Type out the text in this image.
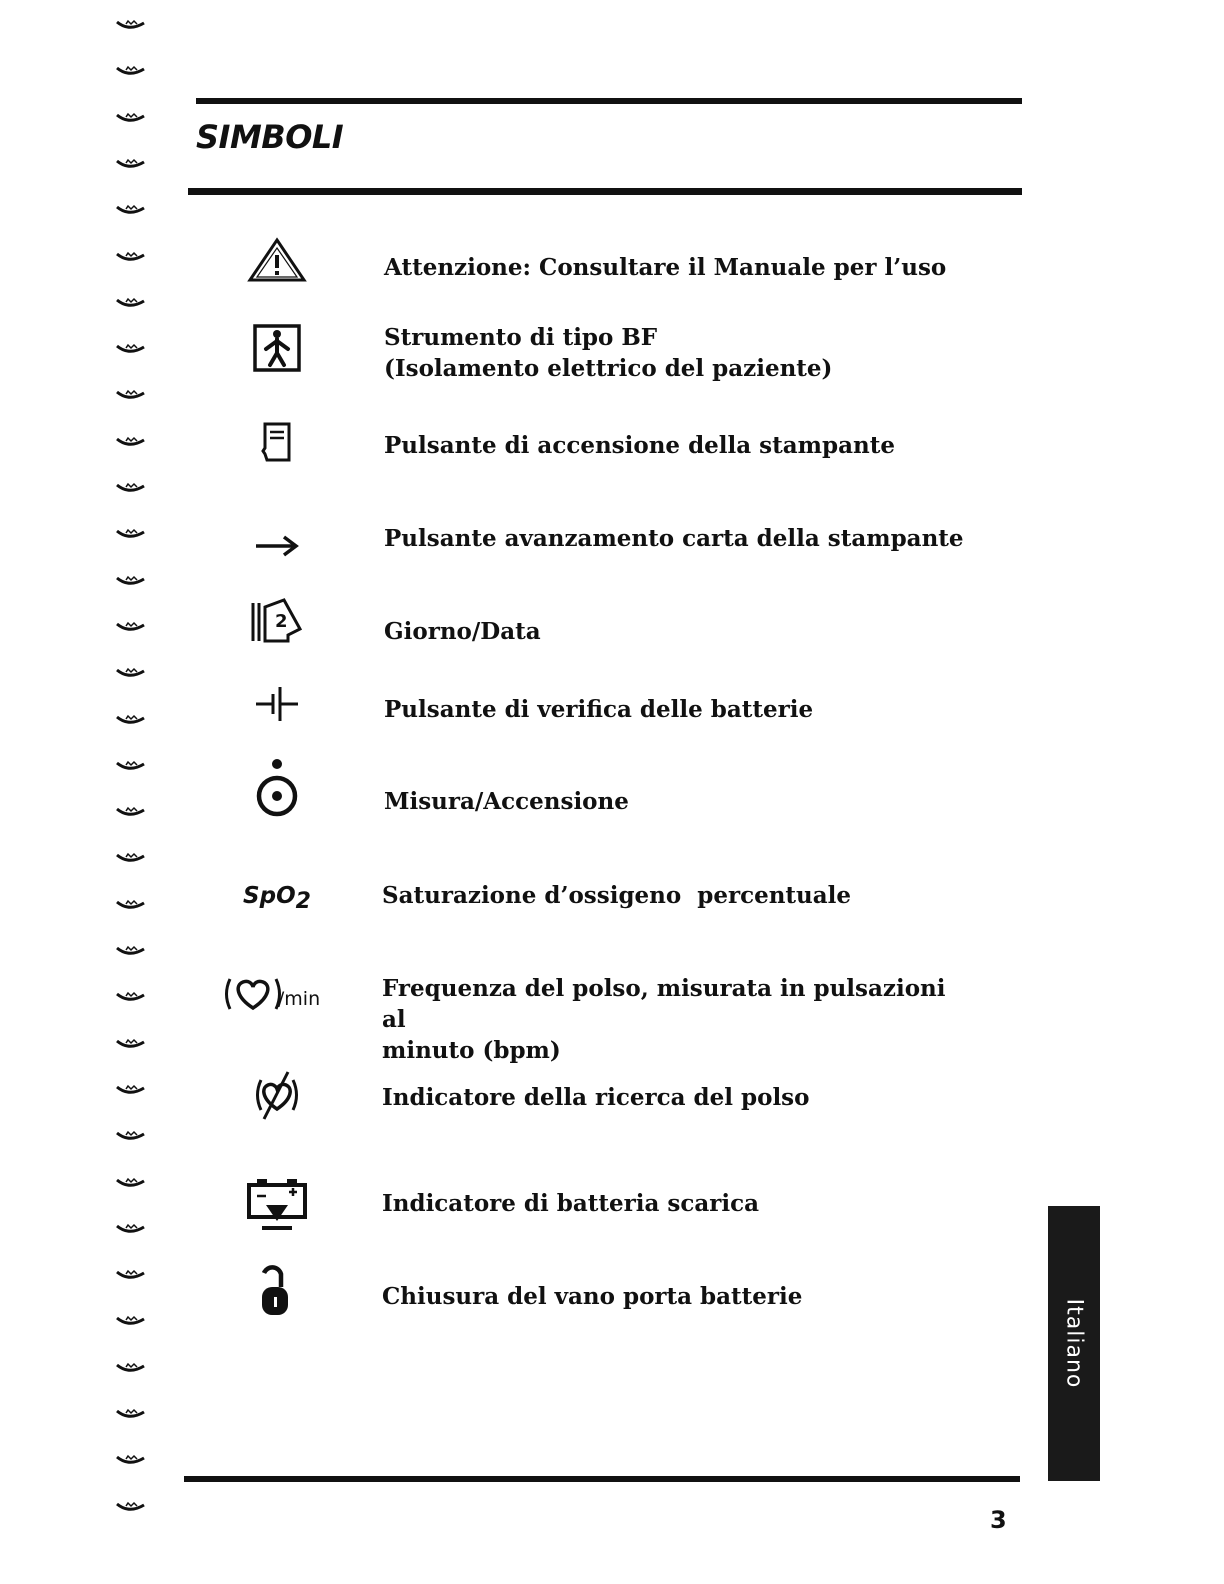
SIMBOLI
Attenzione: Consultare il Manuale per l’uso
Strumento di tipo BF
(Isolamento elettrico del paziente)
Pulsante di accensione della stampante
Pulsante avanzamento carta della stampante
2	Giorno/Data
Pulsante di verifica delle batterie
Misura/Accensione
SpO$_2$	Saturazione d’ossigeno  percentuale
/min	Frequenza del polso, misurata in pulsazioni al
minuto (bpm)
Indicatore della ricerca del polso
Indicatore di batteria scarica
Chiusura del vano porta batterie
Italiano
3
